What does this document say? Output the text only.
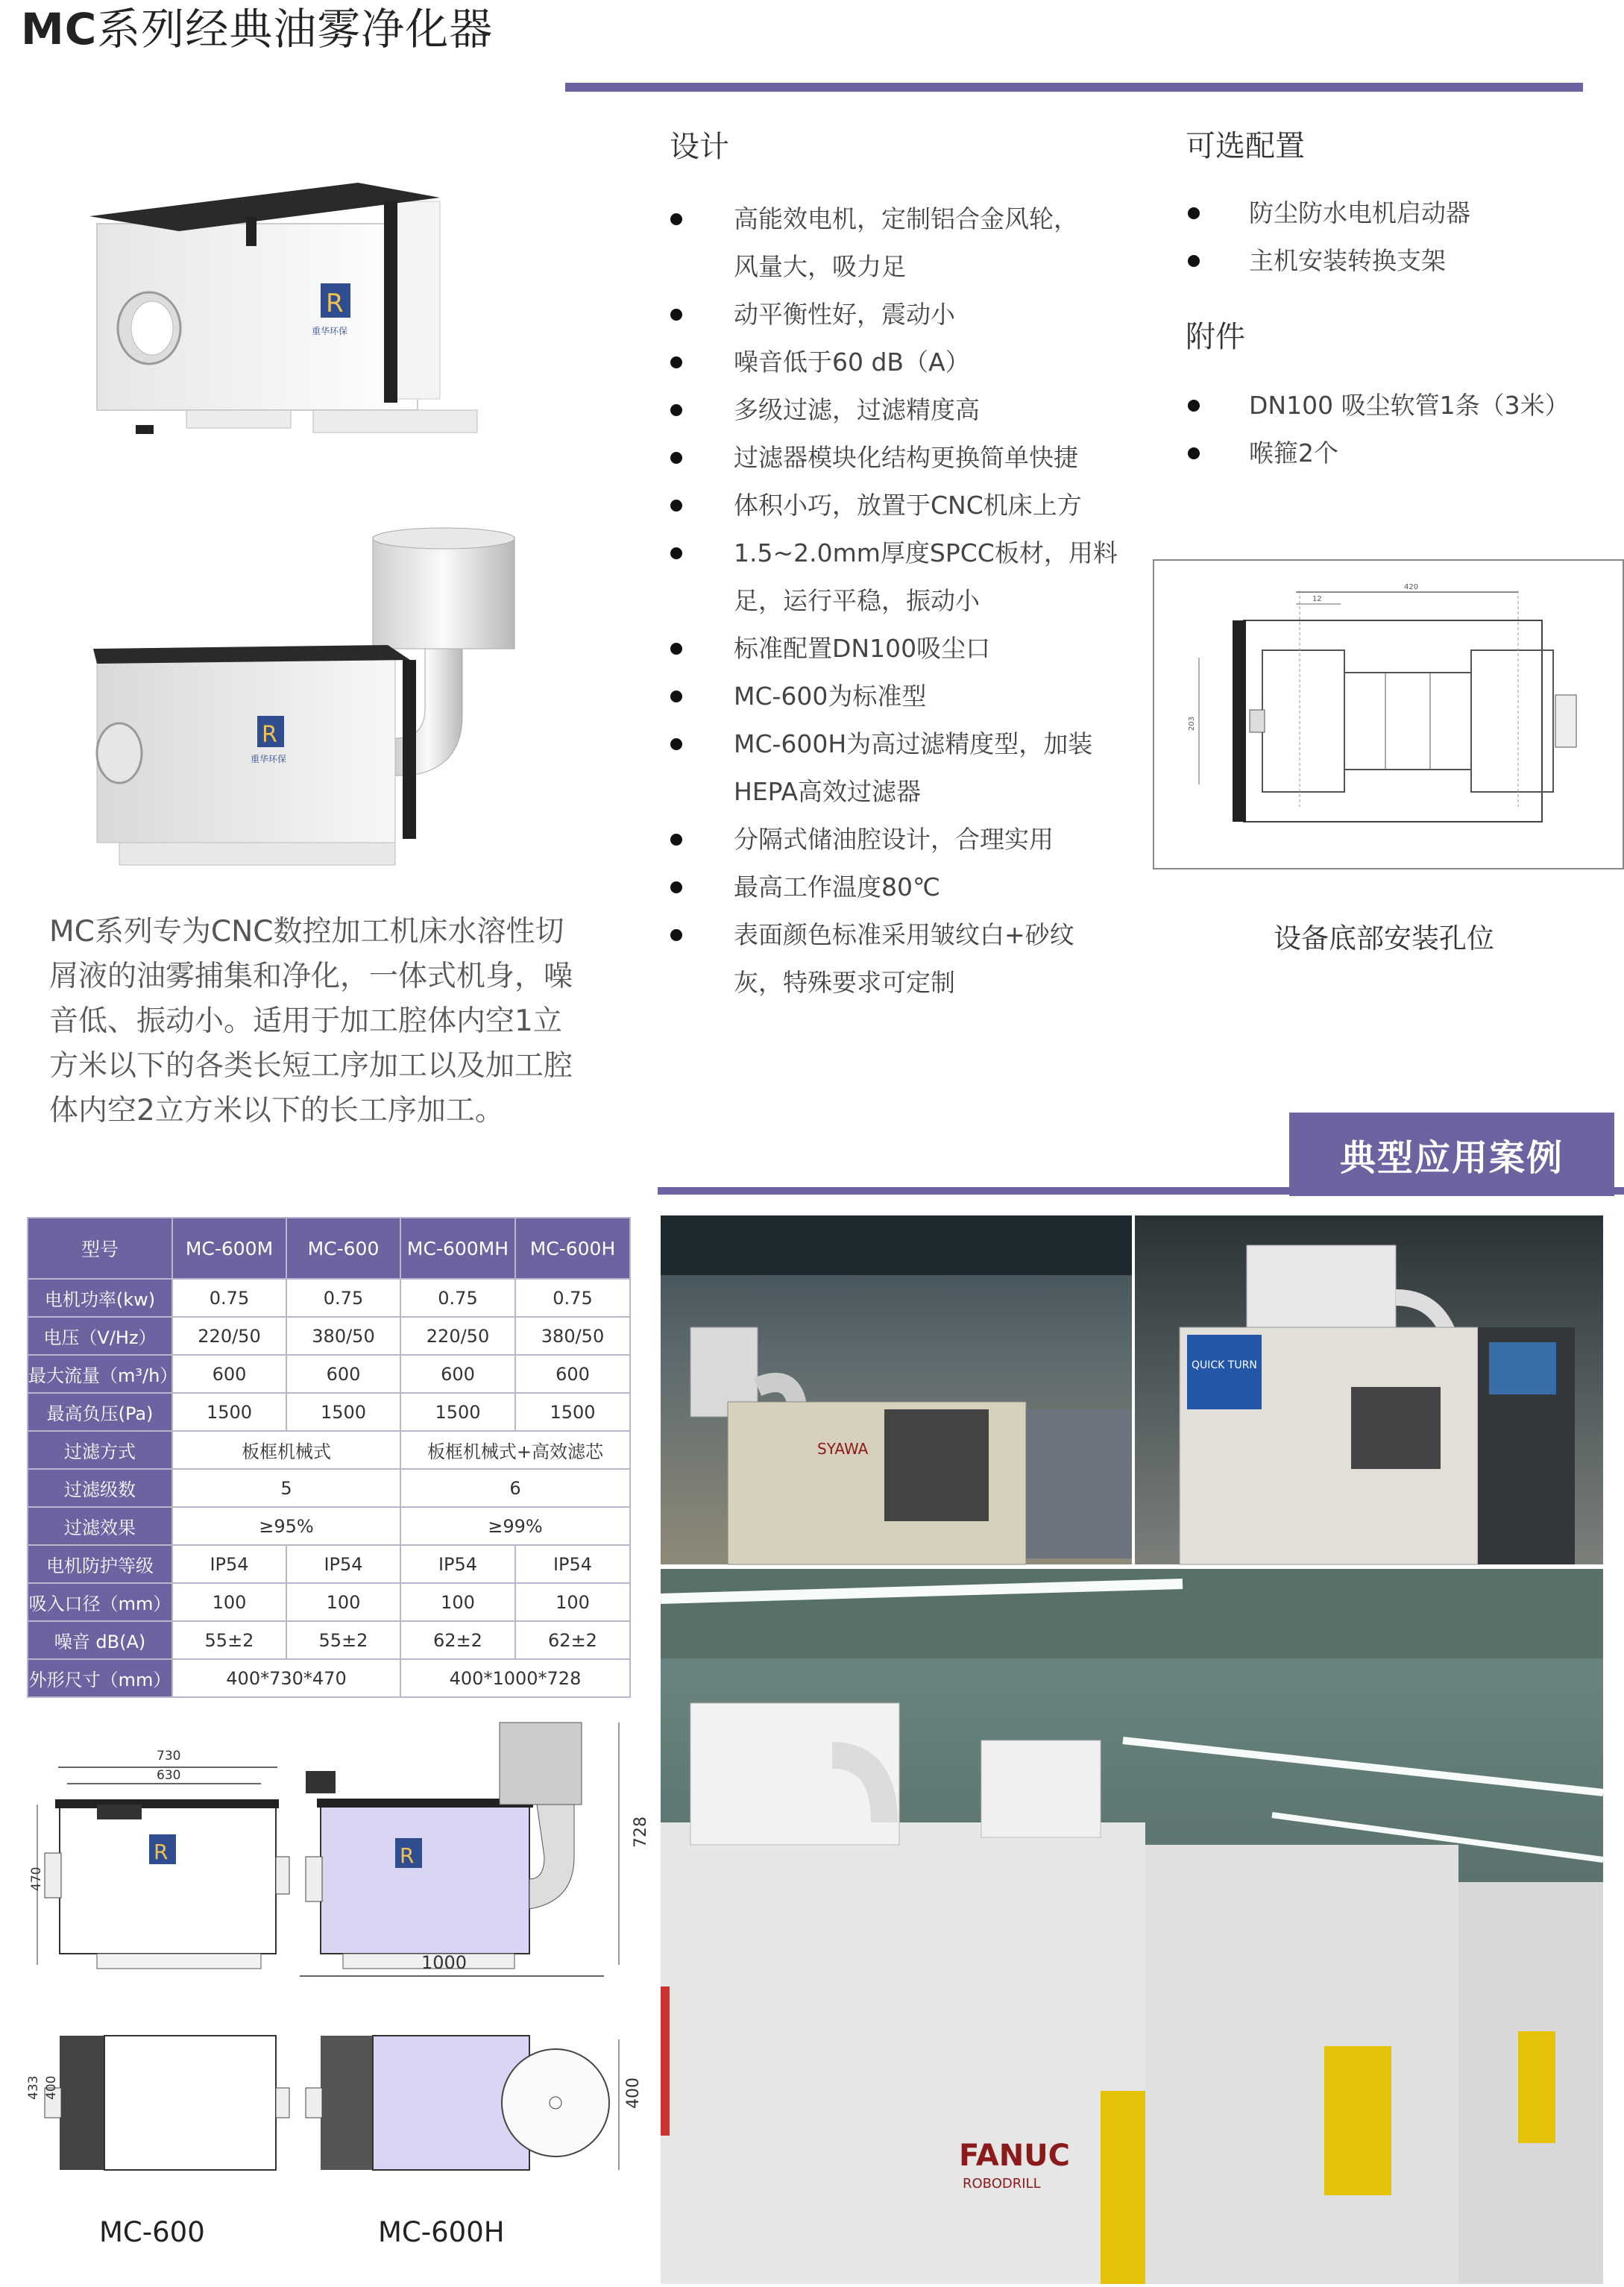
MC系列经典油雾净化器
R
重华环保
R
重华环保
MC系列专为CNC数控加工机床水溶性切屑液的油雾捕集和净化，一体式机身，噪音低、振动小。适用于加工腔体内空1立方米以下的各类长短工序加工以及加工腔体内空2立方米以下的长工序加工。
设计
高能效电机，定制铝合金风轮，
风量大，吸力足
动平衡性好，震动小
噪音低于60 dB（A）
多级过滤，过滤精度高
过滤器模块化结构更换简单快捷
体积小巧，放置于CNC机床上方
1.5~2.0mm厚度SPCC板材，用料
足，运行平稳，振动小
标准配置DN100吸尘口
MC-600为标准型
MC-600H为高过滤精度型，加装
HEPA高效过滤器
分隔式储油腔设计，合理实用
最高工作温度80℃
表面颜色标准采用皱纹白+砂纹
灰，特殊要求可定制
可选配置
防尘防水电机启动器
主机安装转换支架
附件
DN100 吸尘软管1条（3米）
喉箍2个
420
12
203
设备底部安装孔位
典型应用案例
型号	MC-600M	MC-600	MC-600MH	MC-600H
电机功率(kw)	0.75	0.75	0.75	0.75
电压（V/Hz）	220/50	380/50	220/50	380/50
最大流量（m³/h）	600	600	600	600
最高负压(Pa)	1500	1500	1500	1500
过滤方式	板框机械式		板框机械式+高效滤芯	
过滤级数	5		6	
过滤效果	≥95%		≥99%	
电机防护等级	IP54	IP54	IP54	IP54
吸入口径（mm）	100	100	100	100
噪音 dB(A)	55±2	55±2	62±2	62±2
外形尺寸（mm）	400*730*470		400*1000*728	
730
630
R
470
R
1000
728
433 400	400
MC-600	MC-600H
SYAWA
QUICK TURN
FANUC
ROBODRILL
